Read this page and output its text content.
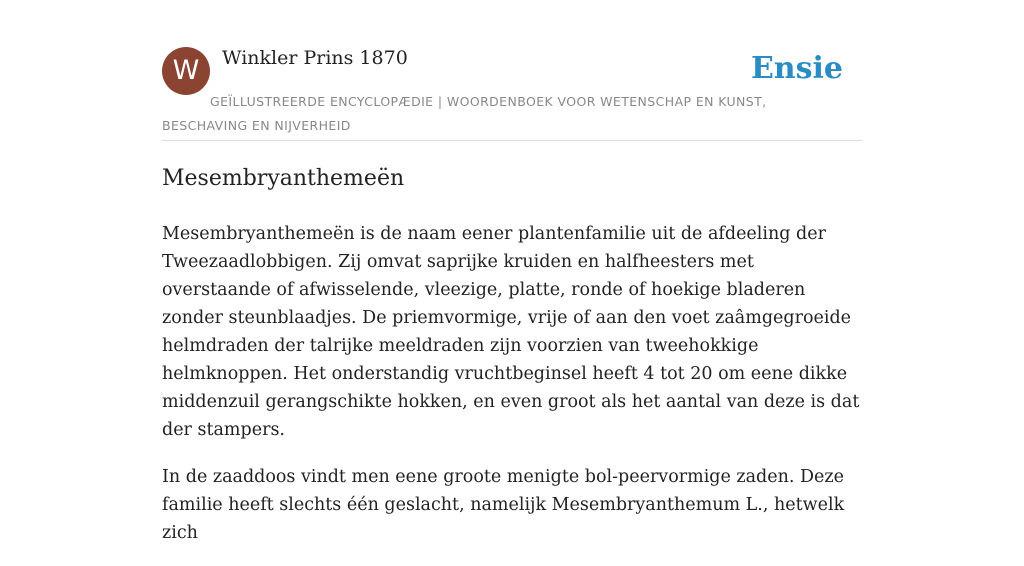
W	Winkler Prins 1870	Ensie
GEÏLLUSTREERDE ENCYCLOPÆDIE | WOORDENBOEK VOOR WETENSCHAP EN KUNST, BESCHAVING EN NIJVERHEID
Mesembryanthemeën

Mesembryanthemeën is de naam eener plantenfamilie uit de afdeeling der Tweezaadlobbigen. Zij omvat saprijke kruiden en halfheesters met overstaande of afwisselende, vleezige, platte, ronde of hoekige bladeren zonder steunblaadjes. De priemvormige, vrije of aan den voet zaâmgegroeide helmdraden der talrijke meeldraden zijn voorzien van tweehokkige helmknoppen. Het onderstandig vruchtbeginsel heeft 4 tot 20 om eene dikke middenzuil gerangschikte hokken, en even groot als het aantal van deze is dat der stampers.

In de zaaddoos vindt men eene groote menigte bol-peervormige zaden. Deze familie heeft slechts één geslacht, namelijk Mesembryanthemum L., hetwelk zich
